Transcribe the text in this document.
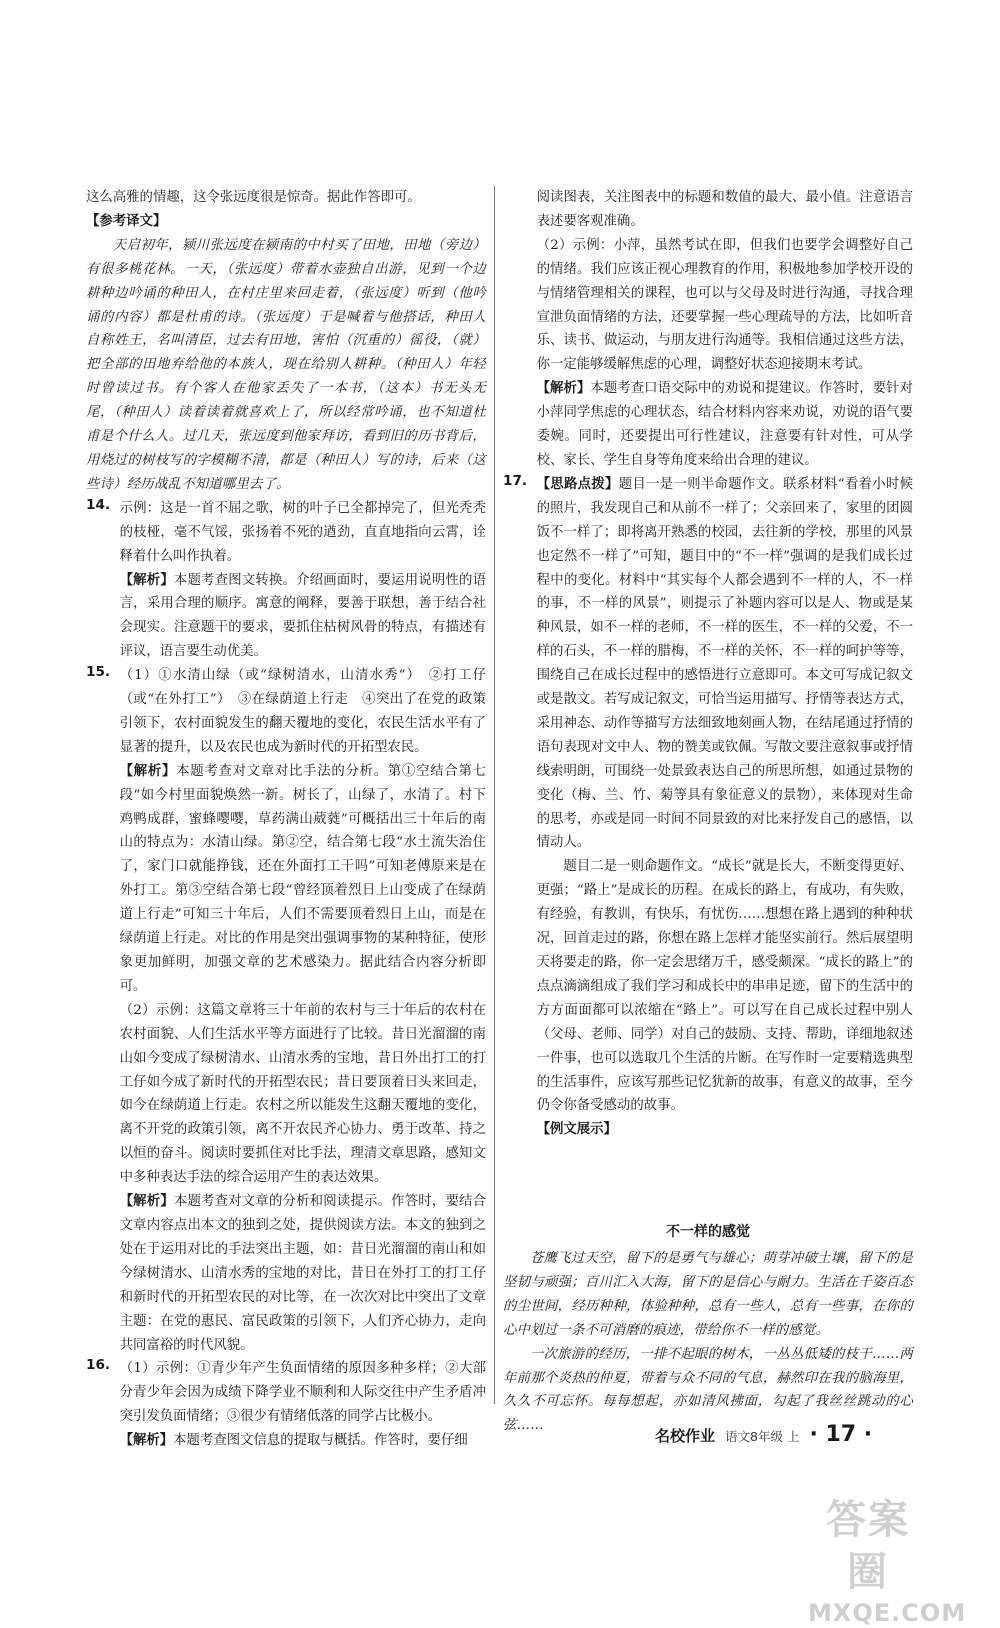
这么高雅的情趣，这令张远度很是惊奇。据此作答即可。

【 参考译文 】

天启初年，颍川张远度在颍南的中村买了田地，田地（旁边）有很多桃花林。一天，（张远度）带着水壶独自出游，见到一个边耕种边吟诵的种田人，在村庄里来回走着，（张远度）听到（他吟诵的内容）都是杜甫的诗。（张远度）于是喊着与他搭话，种田人自称姓王，名叫清臣，过去有田地，害怕（沉重的）徭役，（就）把全部的田地弃给他的本族人，现在给别人耕种。（种田人）年轻时曾读过书。有个客人在他家丢失了一本书，（这本）书无头无尾，（种田人）读着读着就喜欢上了，所以经常吟诵，也不知道杜甫是个什么人。过几天，张远度到他家拜访，看到旧的历书背后，用烧过的树枝写的字模糊不清，都是（种田人）写的诗，后来（这些诗）经历战乱不知道哪里去了。

14. 示例：这是一首不屈之歌，树的叶子已全都掉完了，但光秃秃的枝桠，毫不气馁，张扬着不死的遒劲，直直地指向云霄，诠释着什么叫作执着。

【 解析 】 本题考查图文转换。介绍画面时，要运用说明性的语言，采用合理的顺序。寓意的阐释，要善于联想，善于结合社会现实。注意题干的要求，要抓住枯树风骨的特点，有描述有评议，语言要生动优美。

15. （1）①水清山绿（或“绿树清水，山清水秀”）　②打工仔（或“在外打工”）　③在绿荫道上行走　④突出了在党的政策引领下，农村面貌发生的翻天覆地的变化，农民生活水平有了显著的提升，以及农民也成为新时代的开拓型农民。

【 解析 】 本题考查对文章对比手法的分析。第①空结合第七段“如今村里面貌焕然一新。树长了，山绿了，水清了。村下鸡鸭成群，蜜蜂嘤嘤，草药满山葳蕤”可概括出三十年后的南山的特点为：水清山绿。第②空，结合第七段“水土流失治住了，家门口就能挣钱，还在外面打工干吗”可知老傅原来是在外打工。第③空结合第七段“曾经顶着烈日上山变成了在绿荫道上行走”可知三十年后，人们不需要顶着烈日上山，而是在绿荫道上行走。对比的作用是突出强调事物的某种特征，使形象更加鲜明，加强文章的艺术感染力。据此结合内容分析即可。

（2）示例：这篇文章将三十年前的农村与三十年后的农村在农村面貌、人们生活水平等方面进行了比较。昔日光溜溜的南山如今变成了绿树清水、山清水秀的宝地，昔日外出打工的打工仔如今成了新时代的开拓型农民；昔日要顶着日头来回走，如今在绿荫道上行走。农村之所以能发生这翻天覆地的变化，离不开党的政策引领，离不开农民齐心协力、勇于改革、持之以恒的奋斗。阅读时要抓住对比手法，理清文章思路，感知文中多种表达手法的综合运用产生的表达效果。

【 解析 】 本题考查对文章的分析和阅读提示。作答时，要结合文章内容点出本文的独到之处，提供阅读方法。本文的独到之处在于运用对比的手法突出主题，如：昔日光溜溜的南山和如今绿树清水、山清水秀的宝地的对比，昔日在外打工的打工仔和新时代的开拓型农民的对比等，在一次次对比中突出了文章主题：在党的惠民、富民政策的引领下，人们齐心协力，走向共同富裕的时代风貌。

16. （1）示例：①青少年产生负面情绪的原因多种多样；②大部分青少年会因为成绩下降学业不顺利和人际交往中产生矛盾冲突引发负面情绪；③很少有情绪低落的同学占比极小。

【 解析 】 本题考查图文信息的提取与概括。作答时，要仔细

阅读图表，关注图表中的标题和数值的最大、最小值。注意语言表述要客观准确。

（2）示例：小萍，虽然考试在即，但我们也要学会调整好自己的情绪。我们应该正视心理教育的作用，积极地参加学校开设的与情绪管理相关的课程，也可以与父母及时进行沟通，寻找合理宣泄负面情绪的方法，还要掌握一些心理疏导的方法，比如听音乐、读书、做运动，与朋友进行沟通等。我相信通过这些方法，你一定能够缓解焦虑的心理，调整好状态迎接期末考试。

【 解析 】 本题考查口语交际中的劝说和提建议。作答时，要针对小萍同学焦虑的心理状态，结合材料内容来劝说，劝说的语气要委婉。同时，还要提出可行性建议，注意要有针对性，可从学校、家长、学生自身等角度来给出合理的建议。

17.

【	思路点拨 】 题目一是一则半命题作文。联系材料“看着小时候的照片，我发现自己和从前不一样了；父亲回来了，家里的团圆饭不一样了；即将离开熟悉的校园，去往新的学校，那里的风景也定然不一样了”可知，题目中的“不一样”强调的是我们成长过程中的变化。材料中“其实每个人都会遇到不一样的人，不一样的事，不一样的风景”，则提示了补题内容可以是人、物或是某种风景，如不一样的老师，不一样的医生，不一样的父爱，不一样的石头，不一样的腊梅，不一样的关怀，不一样的呵护等等，围绕自己在成长过程中的感悟进行立意即可。本文可写成记叙文或是散文。若写成记叙文，可恰当运用描写、抒情等表达方式，采用神态、动作等描写方法细致地刻画人物，在结尾通过抒情的语句表现对文中人、物的赞美或钦佩。写散文要注意叙事或抒情线索明朗，可围绕一处景致表达自己的所思所想，如通过景物的变化（梅、兰、竹、菊等具有象征意义的景物），来体现对生命的思考，亦或是同一时间不同景致的对比来抒发自己的感悟，以情动人。

题目二是一则命题作文。“成长”就是长大，不断变得更好、更强；“路上”是成长的历程。在成长的路上，有成功，有失败，有经验，有教训，有快乐，有忧伤……想想在路上遇到的种种状况，回首走过的路，你想在路上怎样才能坚实前行。然后展望明天将要走的路，你一定会思绪万千，感受颇深。“成长的路上”的点点滴滴组成了我们学习和成长中的串串足迹，留下的生活中的方方面面都可以浓缩在“路上”。可以写在自己成长过程中别人（父母、老师、同学）对自己的鼓励、支持、帮助，详细地叙述一件事，也可以选取几个生活的片断。在写作时一定要精选典型的生活事件，应该写那些记忆犹新的故事，有意义的故事，至今仍令你备受感动的故事。

【 例文展示 】

不一样的感觉

苍鹰飞过天空，留下的是勇气与雄心；萌芽冲破土壤，留下的是坚韧与顽强；百川汇入大海，留下的是信心与耐力。生活在千姿百态的尘世间，经历种种，体验种种，总有一些人，总有一些事，在你的心中划过一条不可消磨的痕迹，带给你不一样的感觉。

一次旅游的经历，一排不起眼的树木，一丛丛低矮的枝干……两年前那个炎热的仲夏，带着与众不同的气息，赫然印在我的脑海里，久久不可忘怀。每每想起，亦如清风拂面，勾起了我丝丝跳动的心弦……

名校作业 语文8年级 上 · 17 ·
答案圈
MXQE.COM
